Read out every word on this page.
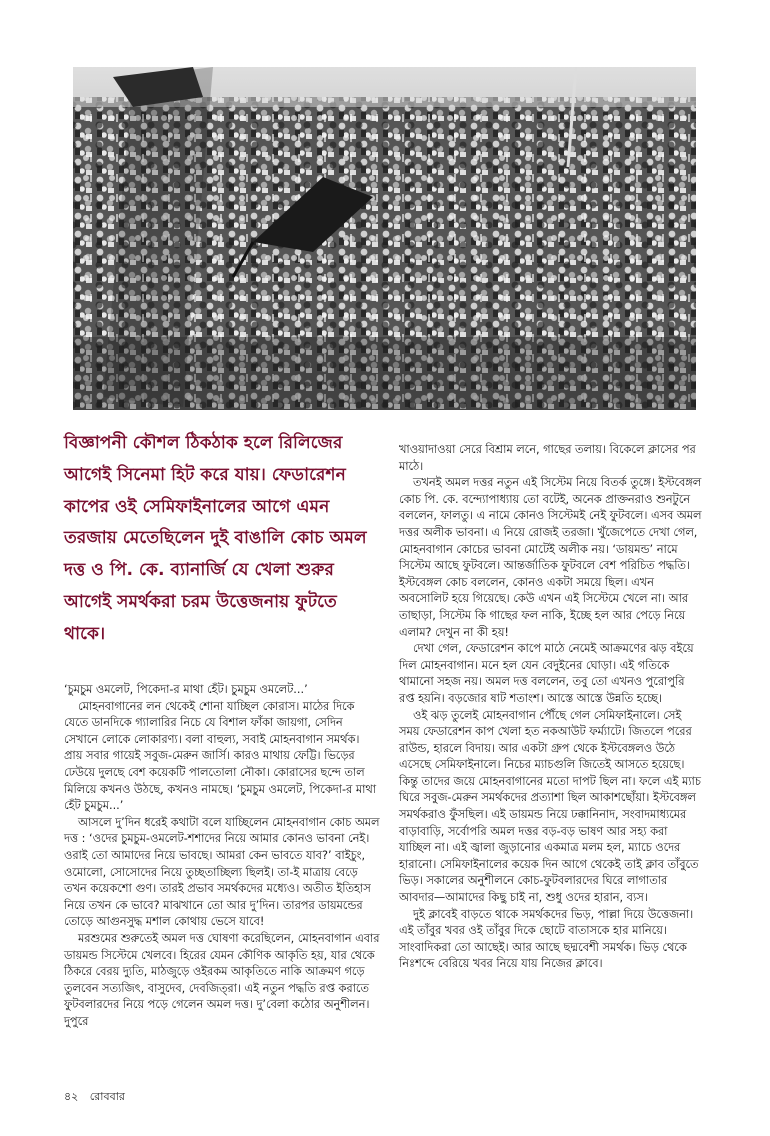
বিজ্ঞাপনী কৌশল ঠিকঠাক হলে রিলিজের আগেই সিনেমা হিট করে যায়। ফেডারেশন কাপের ওই সেমিফাইনালের আগে এমন তরজায় মেতেছিলেন দুই বাঙালি কোচ অমল দত্ত ও পি. কে. ব্যানার্জি যে খেলা শুরুর আগেই সমর্থকরা চরম উত্তেজনায় ফুটতে থাকে।

‘চুমচুম ওমলেট, পিকেদা-র মাথা হেঁট। চুমচুম ওমলেট...’

মোহনবাগানের লন থেকেই শোনা যাচ্ছিল কোরাস। মাঠের দিকে যেতে ডানদিকে গ্যালারির নিচে যে বিশাল ফাঁকা জায়গা, সেদিন সেখানে লোকে লোকারণ্য। বলা বাহুল্য, সবাই মোহনবাগান সমর্থক। প্রায় সবার গায়েই সবুজ-মেরুন জার্সি। কারও মাথায় ফেট্টি। ভিড়ের ঢেউয়ে দুলছে বেশ কয়েকটি পালতোলা নৌকা। কোরাসের ছন্দে তাল মিলিয়ে কখনও উঠছে, কখনও নামছে। ‘চুমচুম ওমলেট, পিকেদা-র মাথা হেঁট চুমচুম...’

আসলে দু’দিন ধরেই কথাটা বলে যাচ্ছিলেন মোহনবাগান কোচ অমল দত্ত : ‘ওদের চুমচুম-ওমলেট-শশাদের নিয়ে আমার কোনও ভাবনা নেই। ওরাই তো আমাদের নিয়ে ভাবছে। আমরা কেন ভাবতে যাব?’ বাইচুং, ওমোলো, সোসোদের নিয়ে তুচ্ছতাচ্ছিল্য ছিলই। তা-ই মাত্রায় বেড়ে তখন কয়েকশো গুণ। তারই প্রভাব সমর্থকদের মধ্যেও। অতীত ইতিহাস নিয়ে তখন কে ভাবে? মাঝখানে তো আর দু’দিন। তারপর ডায়মন্ডের তোড়ে আগুনসুদ্ধ মশাল কোথায় ভেসে যাবে!

মরশুমের শুরুতেই অমল দত্ত ঘোষণা করেছিলেন, মোহনবাগান এবার ডায়মন্ড সিস্টেমে খেলবে। হিরের যেমন কৌণিক আকৃতি হয়, যার থেকে ঠিকরে বেরয় দ্যুতি, মাঠজুড়ে ওইরকম আকৃতিতে নাকি আক্রমণ গড়ে তুলবেন সত্যজিৎ, বাসুদেব, দেবজিত্‌রা। এই নতুন পদ্ধতি রপ্ত করাতে ফুটবলারদের নিয়ে পড়ে গেলেন অমল দত্ত। দু’বেলা কঠোর অনুশীলন। দুপুরে

খাওয়াদাওয়া সেরে বিশ্রাম লনে, গাছের তলায়। বিকেলে ক্লাসের পর মাঠে।

তখনই অমল দত্তর নতুন এই সিস্টেম নিয়ে বিতর্ক তুঙ্গে। ইস্টবেঙ্গল কোচ পি. কে. বন্দ্যোপাধ্যায় তো বটেই, অনেক প্রাক্তনরাও শুনটুনে বললেন, ফালতু। এ নামে কোনও সিস্টেমই নেই ফুটবলে। এসব অমল দত্তর অলীক ভাবনা। এ নিয়ে রোজই তরজা। খুঁজেপেতে দেখা গেল, মোহনবাগান কোচের ভাবনা মোটেই অলীক নয়। ‘ডায়মন্ড’ নামে সিস্টেম আছে ফুটবলে। আন্তর্জাতিক ফুটবলে বেশ পরিচিত পদ্ধতি। ইস্টবেঙ্গল কোচ বললেন, কোনও একটা সময়ে ছিল। এখন অবসোলিট হয়ে গিয়েছে। কেউ এখন এই সিস্টেমে খেলে না। আর তাছাড়া, সিস্টেম কি গাছের ফল নাকি, ইচ্ছে হল আর পেড়ে নিয়ে এলাম? দেখুন না কী হয়!

দেখা গেল, ফেডারেশন কাপে মাঠে নেমেই আক্রমণের ঝড় বইয়ে দিল মোহনবাগান। মনে হল যেন বেদুইনের ঘোড়া। এই গতিকে থামানো সহজ নয়। অমল দত্ত বললেন, তবু তো এখনও পুরোপুরি রপ্ত হয়নি। বড়জোর ষাট শতাংশ। আস্তে আস্তে উন্নতি হচ্ছে।

ওই ঝড় তুলেই মোহনবাগান পৌঁছে গেল সেমিফাইনালে। সেই সময় ফেডারেশন কাপ খেলা হত নকআউট ফর্ম্যাটে। জিতলে পরের রাউন্ড, হারলে বিদায়। আর একটা গ্রুপ থেকে ইস্টবেঙ্গলও উঠে এসেছে সেমিফাইনালে। নিচের ম্যাচগুলি জিতেই আসতে হয়েছে। কিন্তু তাদের জয়ে মোহনবাগানের মতো দাপট ছিল না। ফলে এই ম্যাচ ঘিরে সবুজ-মেরুন সমর্থকদের প্রত্যাশা ছিল আকাশছোঁয়া। ইস্টবেঙ্গল সমর্থকরাও ফুঁসছিল। এই ডায়মন্ড নিয়ে ঢক্কানিনাদ, সংবাদমাধ্যমের বাড়াবাড়ি, সর্বোপরি অমল দত্তর বড়-বড় ভাষণ আর সহ্য করা যাচ্ছিল না। এই জ্বালা জুড়ানোর একমাত্র মলম হল, ম্যাচে ওদের হারানো। সেমিফাইনালের কয়েক দিন আগে থেকেই তাই ক্লাব তাঁবুতে ভিড়। সকালের অনুশীলনে কোচ-ফুটবলারদের ঘিরে লাগাতার আবদার—আমাদের কিছু চাই না, শুধু ওদের হারান, ব্যস।

দুই ক্লাবেই বাড়তে থাকে সমর্থকদের ভিড়, পাল্লা দিয়ে উত্তেজনা। এই তাঁবুর খবর ওই তাঁবুর দিকে ছোটে বাতাসকে হার মানিয়ে। সাংবাদিকরা তো আছেই। আর আছে ছদ্মবেশী সমর্থক। ভিড় থেকে নিঃশব্দে বেরিয়ে খবর নিয়ে যায় নিজের ক্লাবে।

৪২ রোববার
